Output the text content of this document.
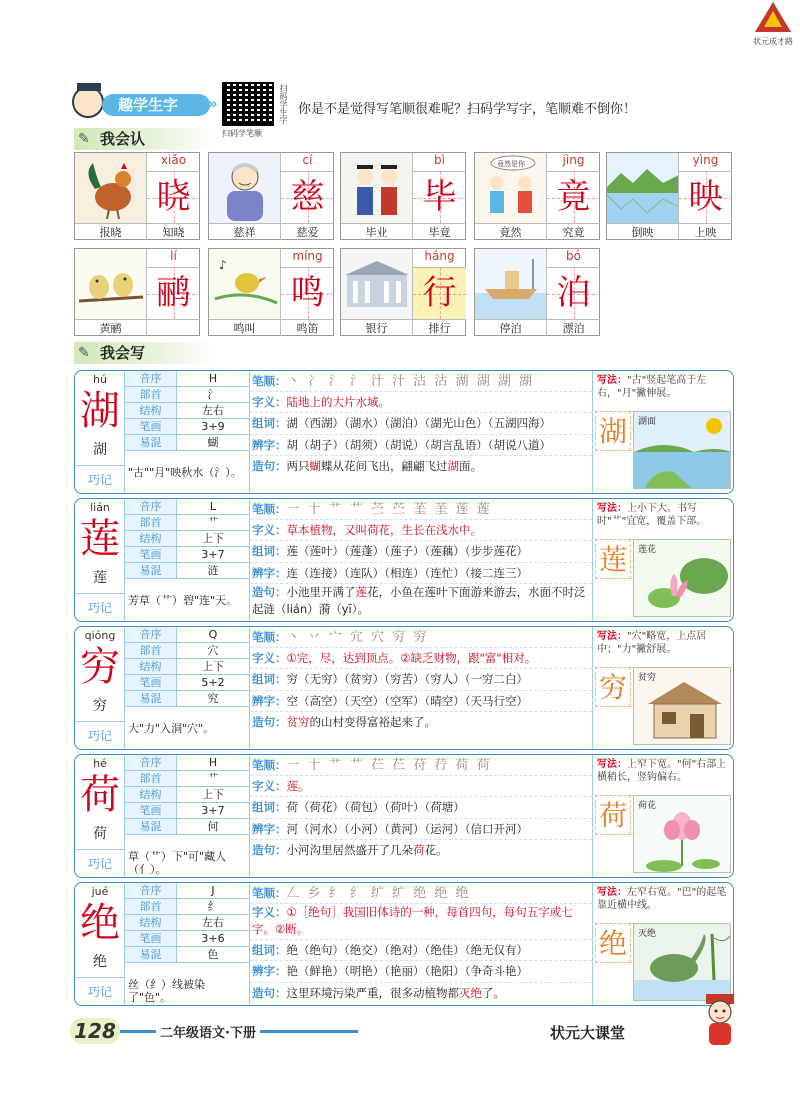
状元成才路
趣学生字	›››	扫码学生字
扫码学笔顺
你是不是觉得写笔顺很难呢？扫码学写字，笔顺难不倒你！
✎ 我会认
xiǎo
晓
报晓	知晓
cí
慈
慈祥	慈爱
bì
毕
毕业	毕竟
竟然是你	jìng
竟
竟然	究竟
yìng
映
倒映	上映
lí
鹂
黄鹂
♪
míng
鸣
鸣叫	鸣笛
háng
行
银行	排行
bó
泊
停泊	漂泊
✎ 我会写
hú
湖
湖
巧记
音序	H
部首	氵
结构	左右
笔画	3+9
易混	蝴
"古""月"映秋水（氵）。
笔顺：丶 冫 氵 氵 汁 汁 沽 沽 湖 湖 湖 湖
字义：陆地上的大片水域。
组词：湖（西湖）（湖水）（湖泊）（湖光山色）（五湖四海）
辨字：胡（胡子）（胡须）（胡说）（胡言乱语）（胡说八道）
造句：两只蝴蝶从花间飞出，翩翩飞过湖面。
写法："古"竖起笔高于左右，"月"撇伸展。
湖	湖面
lián
莲
莲
巧记
音序	L
部首	艹
结构	上下
笔画	3+7
易混	涟
芳草（艹）碧"连"天。
笔顺：一 十 艹 艹 苎 苎 茥 茥 莲 莲
字义：草本植物，又叫荷花，生长在浅水中。
组词：莲（莲叶）（莲蓬）（莲子）（莲藕）（步步莲花）
辨字：连（连接）（连队）（相连）（连忙）（接二连三）
造句：小池里开满了莲花，小鱼在莲叶下面游来游去，水面不时泛起涟（lián）漪（yī）。
写法：上小下大。书写时"艹"宜宽，覆盖下部。
莲	莲花
qióng
穷
穷
巧记
音序	Q
部首	穴
结构	上下
笔画	5+2
易混	究
大"力"入洞"穴"。
笔顺：丶 丷 宀 宂 穴 穷 穷
字义：①完，尽，达到顶点。②缺乏财物，跟"富"相对。
组词：穷（无穷）（贫穷）（穷苦）（穷人）（一穷二白）
辨字：空（高空）（天空）（空军）（晴空）（天马行空）
造句：贫穷的山村变得富裕起来了。
写法："穴"略宽，上点居中；"力"撇舒展。
穷	贫穷
hé
荷
荷
巧记
音序	H
部首	艹
结构	上下
笔画	3+7
易混	何
草（艹）下"可"藏人（亻）。
笔顺：一 十 艹 艹 芢 芢 苻 荇 荷 荷
字义：莲。
组词：荷（荷花）（荷包）（荷叶）（荷塘）
辨字：河（河水）（小河）（黄河）（运河）（信口开河）
造句：小河沟里居然盛开了几朵荷花。
写法：上窄下宽。"何"右部上横稍长，竖钩偏右。
荷	荷花
jué
绝
绝
巧记
音序	J
部首	纟
结构	左右
笔画	3+6
易混	色
丝（纟）线被染了"色"。
笔顺：𠃋 乡 纟 纟 纩 纩 绝 绝 绝
字义：①［绝句］我国旧体诗的一种，每首四句，每句五字或七字。②断。
组词：绝（绝句）（绝交）（绝对）（绝佳）（绝无仅有）
辨字：艳（鲜艳）（明艳）（艳丽）（艳阳）（争奇斗艳）
造句：这里环境污染严重，很多动植物都灭绝了。
写法：左窄右宽。"巴"的起笔靠近横中线。
绝	灭绝
128	二年级语文·下册	状元大课堂
